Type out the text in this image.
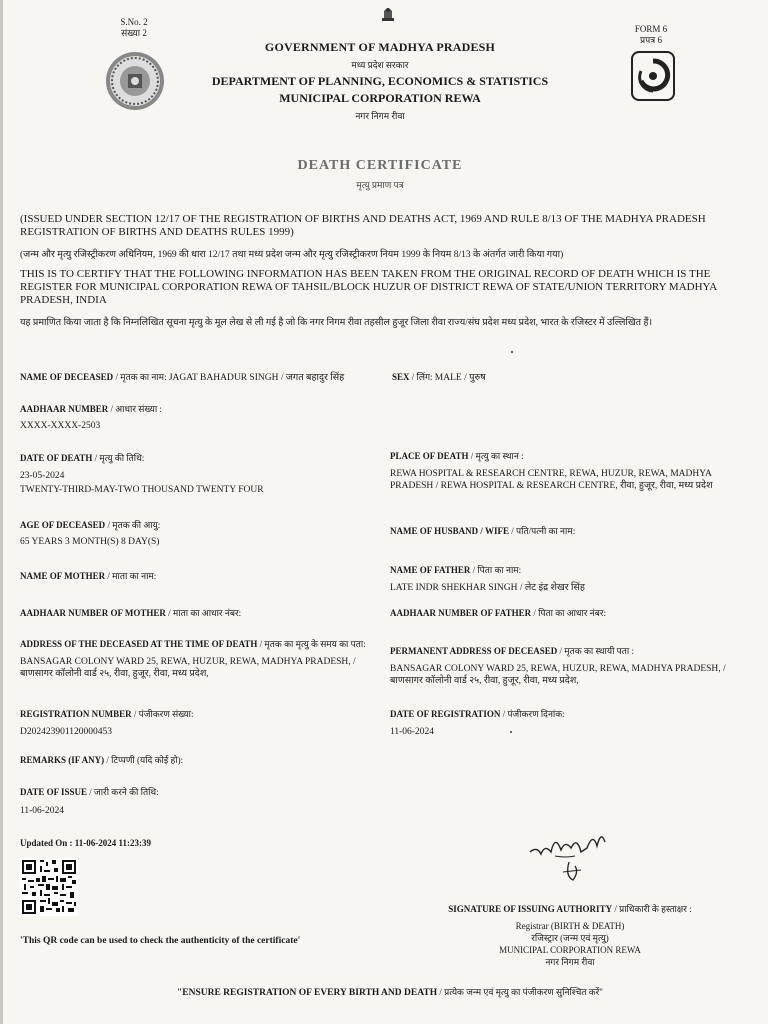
S.No. 2
संख्या 2	FORM 6
प्रपत्र 6
GOVERNMENT OF MADHYA PRADESH
मध्य प्रदेश सरकार
DEPARTMENT OF PLANNING, ECONOMICS & STATISTICS
MUNICIPAL CORPORATION REWA
नगर निगम रीवा
DEATH CERTIFICATE
मृत्यु प्रमाण पत्र
(ISSUED UNDER SECTION 12/17 OF THE REGISTRATION OF BIRTHS AND DEATHS ACT, 1969 AND RULE 8/13 OF THE MADHYA PRADESH REGISTRATION OF BIRTHS AND DEATHS RULES 1999)
(जन्म और मृत्यु रजिस्ट्रीकरण अधिनियम, 1969 की धारा 12/17 तथा मध्य प्रदेश जन्म और मृत्यु रजिस्ट्रीकरण नियम 1999 के नियम 8/13 के अंतर्गत जारी किया गया)
THIS IS TO CERTIFY THAT THE FOLLOWING INFORMATION HAS BEEN TAKEN FROM THE ORIGINAL RECORD OF DEATH WHICH IS THE REGISTER FOR MUNICIPAL CORPORATION REWA OF TAHSIL/BLOCK HUZUR OF DISTRICT REWA OF STATE/UNION TERRITORY MADHYA PRADESH, INDIA
यह प्रमाणित किया जाता है कि निम्नलिखित सूचना मृत्यु के मूल लेख से ली गई है जो कि नगर निगम रीवा तहसील हुजूर जिला रीवा राज्य/संघ प्रदेश मध्य प्रदेश, भारत के रजिस्टर में उल्लिखित हैं।
NAME OF DECEASED / मृतक का नाम: JAGAT BAHADUR SINGH / जगत बहादुर सिंह	SEX / लिंग: MALE / पुरुष
AADHAAR NUMBER / आधार संख्या :
XXXX-XXXX-2503
DATE OF DEATH / मृत्यु की तिथि:
23-05-2024
TWENTY-THIRD-MAY-TWO THOUSAND TWENTY FOUR
PLACE OF DEATH / मृत्यु का स्थान :
REWA HOSPITAL & RESEARCH CENTRE, REWA, HUZUR, REWA, MADHYA PRADESH / REWA HOSPITAL & RESEARCH CENTRE, रीवा, हुजूर, रीवा, मध्य प्रदेश
AGE OF DECEASED / मृतक की आयु:
65 YEARS 3 MONTH(S) 8 DAY(S)
NAME OF HUSBAND / WIFE / पति/पत्नी का नाम:
NAME OF MOTHER / माता का नाम:
NAME OF FATHER / पिता का नाम:
LATE INDR SHEKHAR SINGH / लेट इंद्र शेखर सिंह
AADHAAR NUMBER OF MOTHER / माता का आधार नंबर:	AADHAAR NUMBER OF FATHER / पिता का आधार नंबर:
ADDRESS OF THE DECEASED AT THE TIME OF DEATH / मृतक का मृत्यु के समय का पता:
BANSAGAR COLONY WARD 25, REWA, HUZUR, REWA, MADHYA PRADESH, / बाणसागर कॉलोनी वार्ड २५, रीवा, हुजूर, रीवा, मध्य प्रदेश,
PERMANENT ADDRESS OF DECEASED / मृतक का स्थायी पता :
BANSAGAR COLONY WARD 25, REWA, HUZUR, REWA, MADHYA PRADESH, / बाणसागर कॉलोनी वार्ड २५, रीवा, हुजूर, रीवा, मध्य प्रदेश,
REGISTRATION NUMBER / पंजीकरण संख्या:
D202423901120000453
DATE OF REGISTRATION / पंजीकरण दिनांक:
11-06-2024
REMARKS (IF ANY) / टिप्पणी (यदि कोई हो):
DATE OF ISSUE / जारी करने की तिथि:
11-06-2024
Updated On : 11-06-2024 11:23:39
'This QR code can be used to check the authenticity of the certificate'
SIGNATURE OF ISSUING AUTHORITY / प्राधिकारी के हस्ताक्षर :
Registrar (BIRTH & DEATH)
रजिस्ट्रार (जन्म एवं मृत्यु)
MUNICIPAL CORPORATION REWA
नगर निगम रीवा
"ENSURE REGISTRATION OF EVERY BIRTH AND DEATH / प्रत्येक जन्म एवं मृत्यु का पंजीकरण सुनिश्चित करें"
